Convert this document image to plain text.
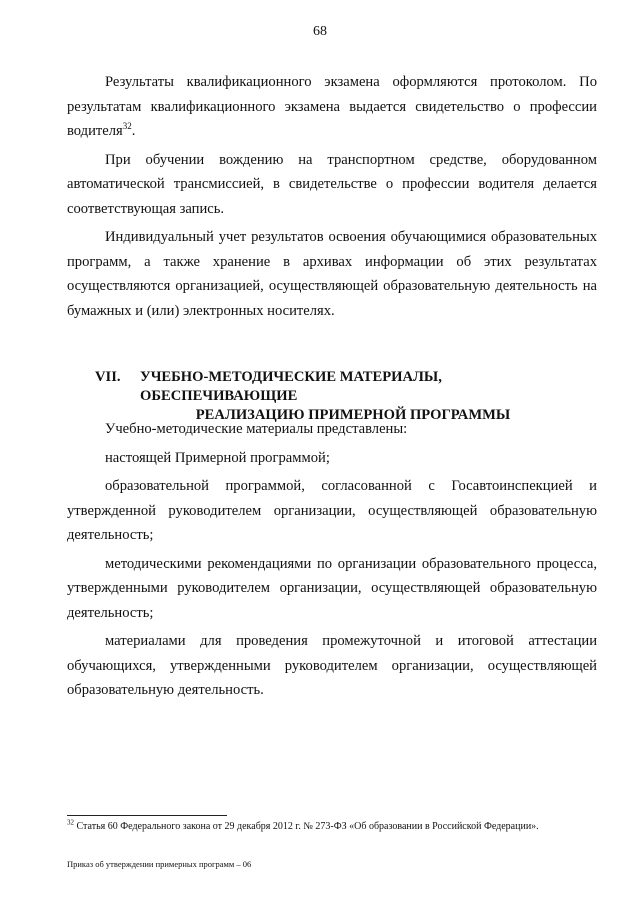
68

Результаты квалификационного экзамена оформляются протоколом. По результатам квалификационного экзамена выдается свидетельство о профессии водителя$^{32}$.

При обучении вождению на транспортном средстве, оборудованном автоматической трансмиссией, в свидетельстве о профессии водителя делается соответствующая запись.

Индивидуальный учет результатов освоения обучающимися образовательных программ, а также хранение в архивах информации об этих результатах осуществляются организацией, осуществляющей образовательную деятельность на бумажных и (или) электронных носителях.

VII.	УЧЕБНО-МЕТОДИЧЕСКИЕ МАТЕРИАЛЫ, ОБЕСПЕЧИВАЮЩИЕ
РЕАЛИЗАЦИЮ ПРИМЕРНОЙ ПРОГРАММЫ

Учебно-методические материалы представлены:

настоящей Примерной программой;

образовательной программой, согласованной с Госавтоинспекцией и утвержденной руководителем организации, осуществляющей образовательную деятельность;

методическими рекомендациями по организации образовательного процесса, утвержденными руководителем организации, осуществляющей образовательную деятельность;

материалами для проведения промежуточной и итоговой аттестации обучающихся, утвержденными руководителем организации, осуществляющей образовательную деятельность.

$^{32}$ Статья 60 Федерального закона от 29 декабря 2012 г. № 273-ФЗ «Об образовании в Российской Федерации».
Приказ об утверждении примерных программ – 06
